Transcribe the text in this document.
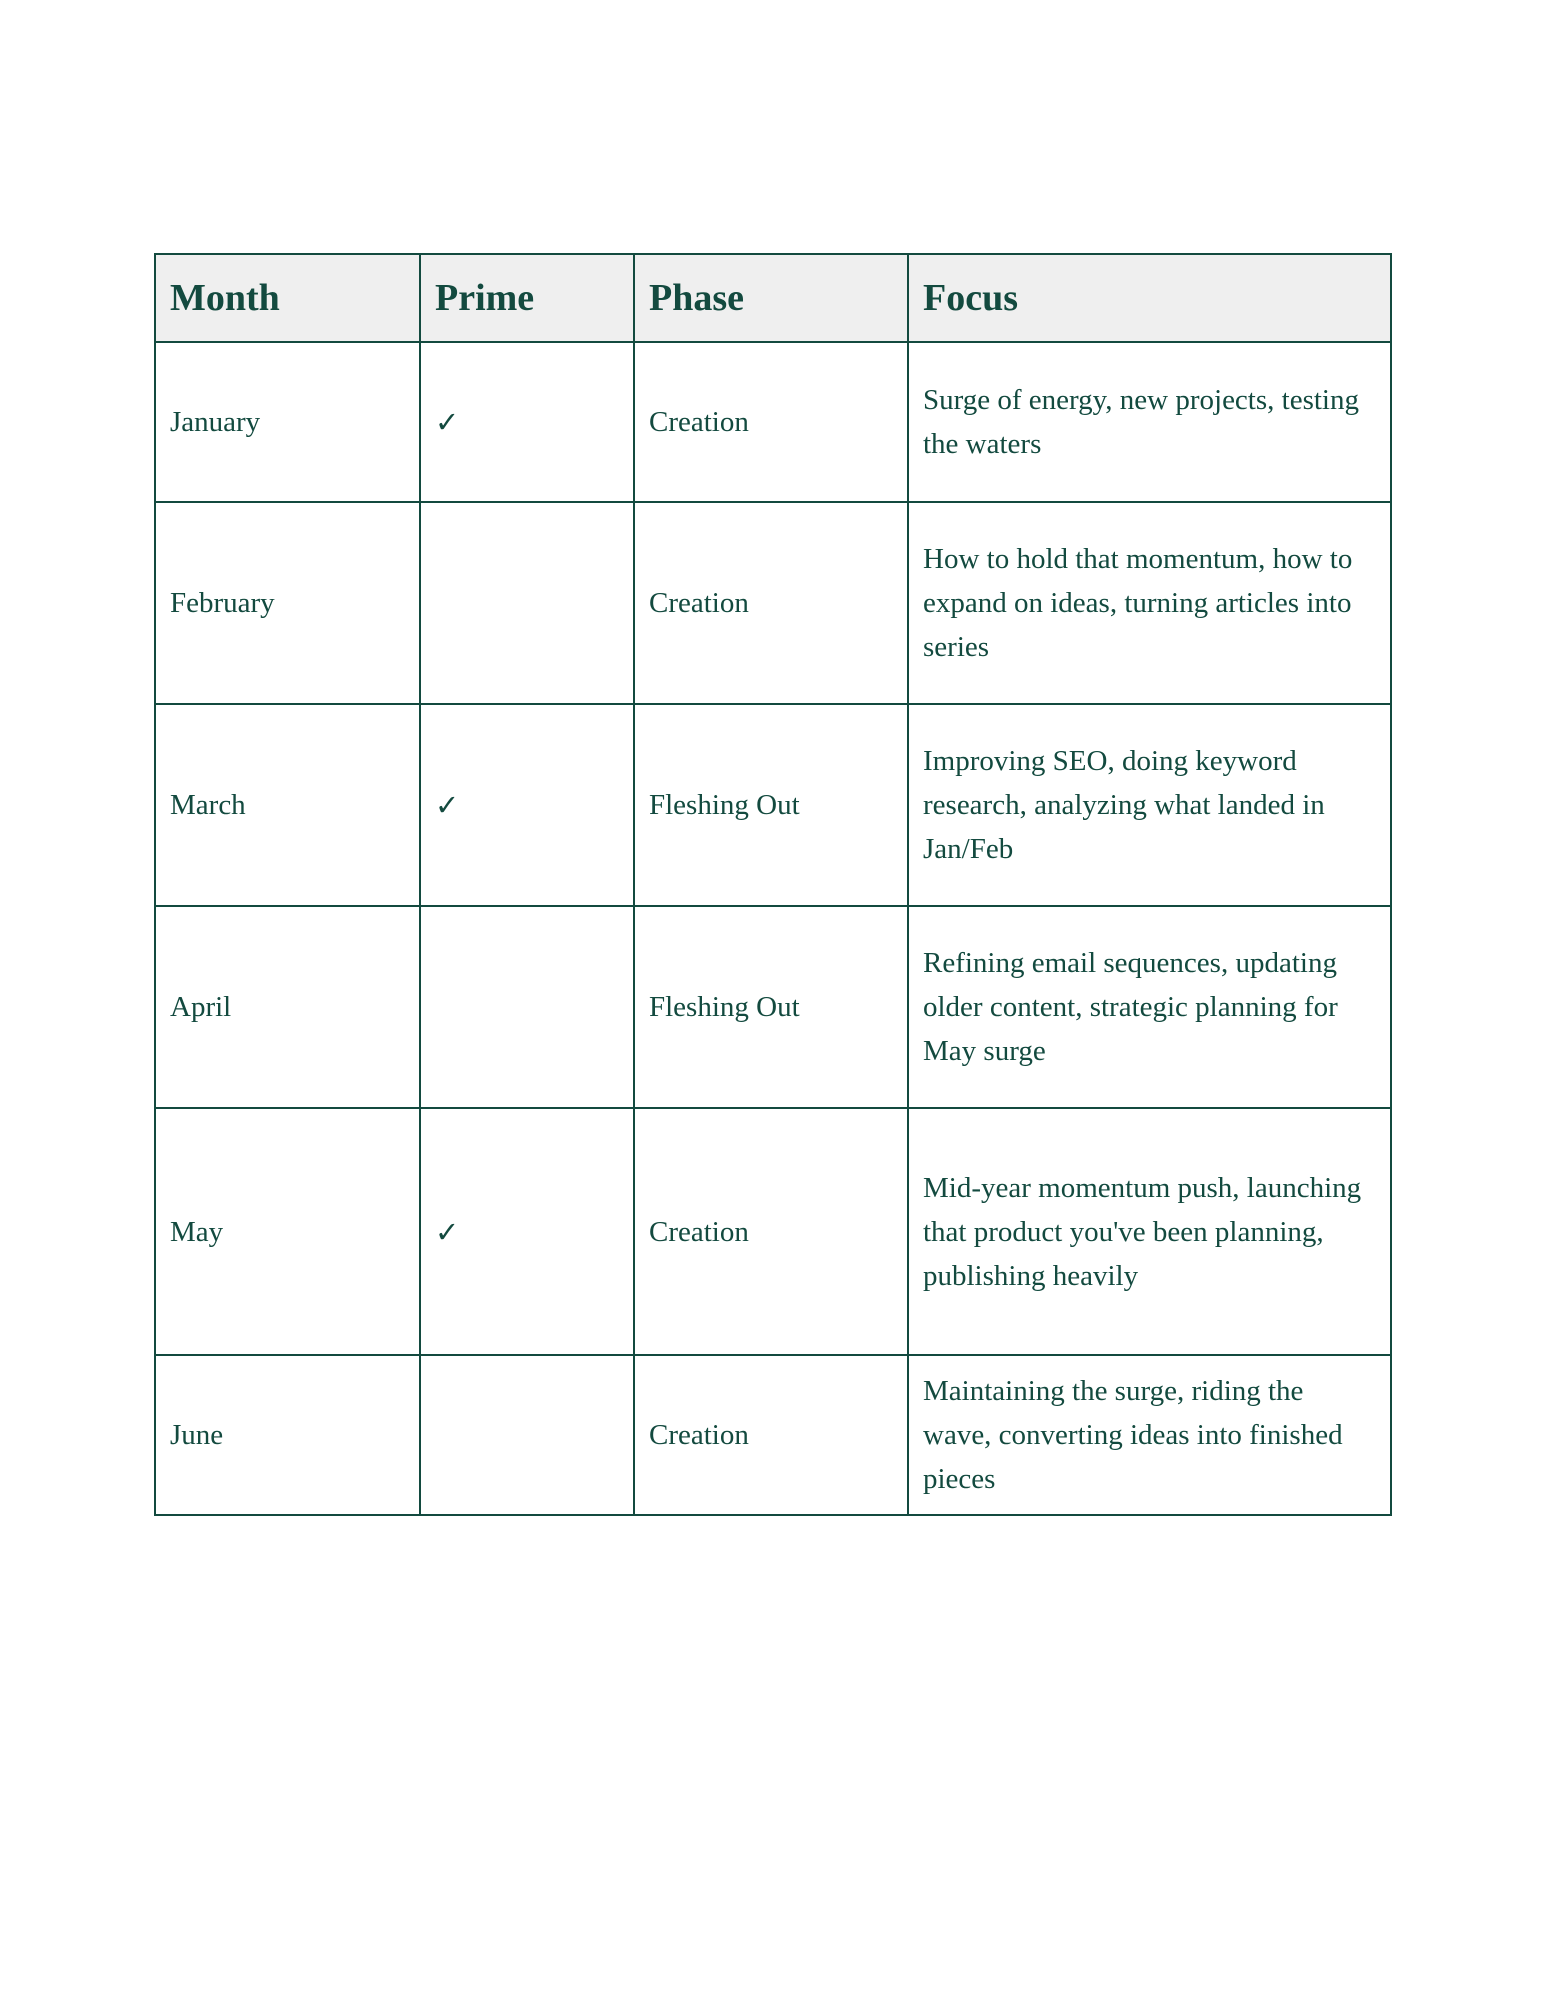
Month	Prime	Phase	Focus
January	✓	Creation	Surge of energy, new projects, testing the waters
February		Creation	How to hold that momentum, how to expand on ideas, turning articles into series
March	✓	Fleshing Out	Improving SEO, doing keyword research, analyzing what landed in Jan/Feb
April		Fleshing Out	Refining email sequences, updating older content, strategic planning for May surge
May	✓	Creation	Mid-year momentum push, launching that product you've been planning, publishing heavily
June		Creation	Maintaining the surge, riding the wave, converting ideas into finished pieces
